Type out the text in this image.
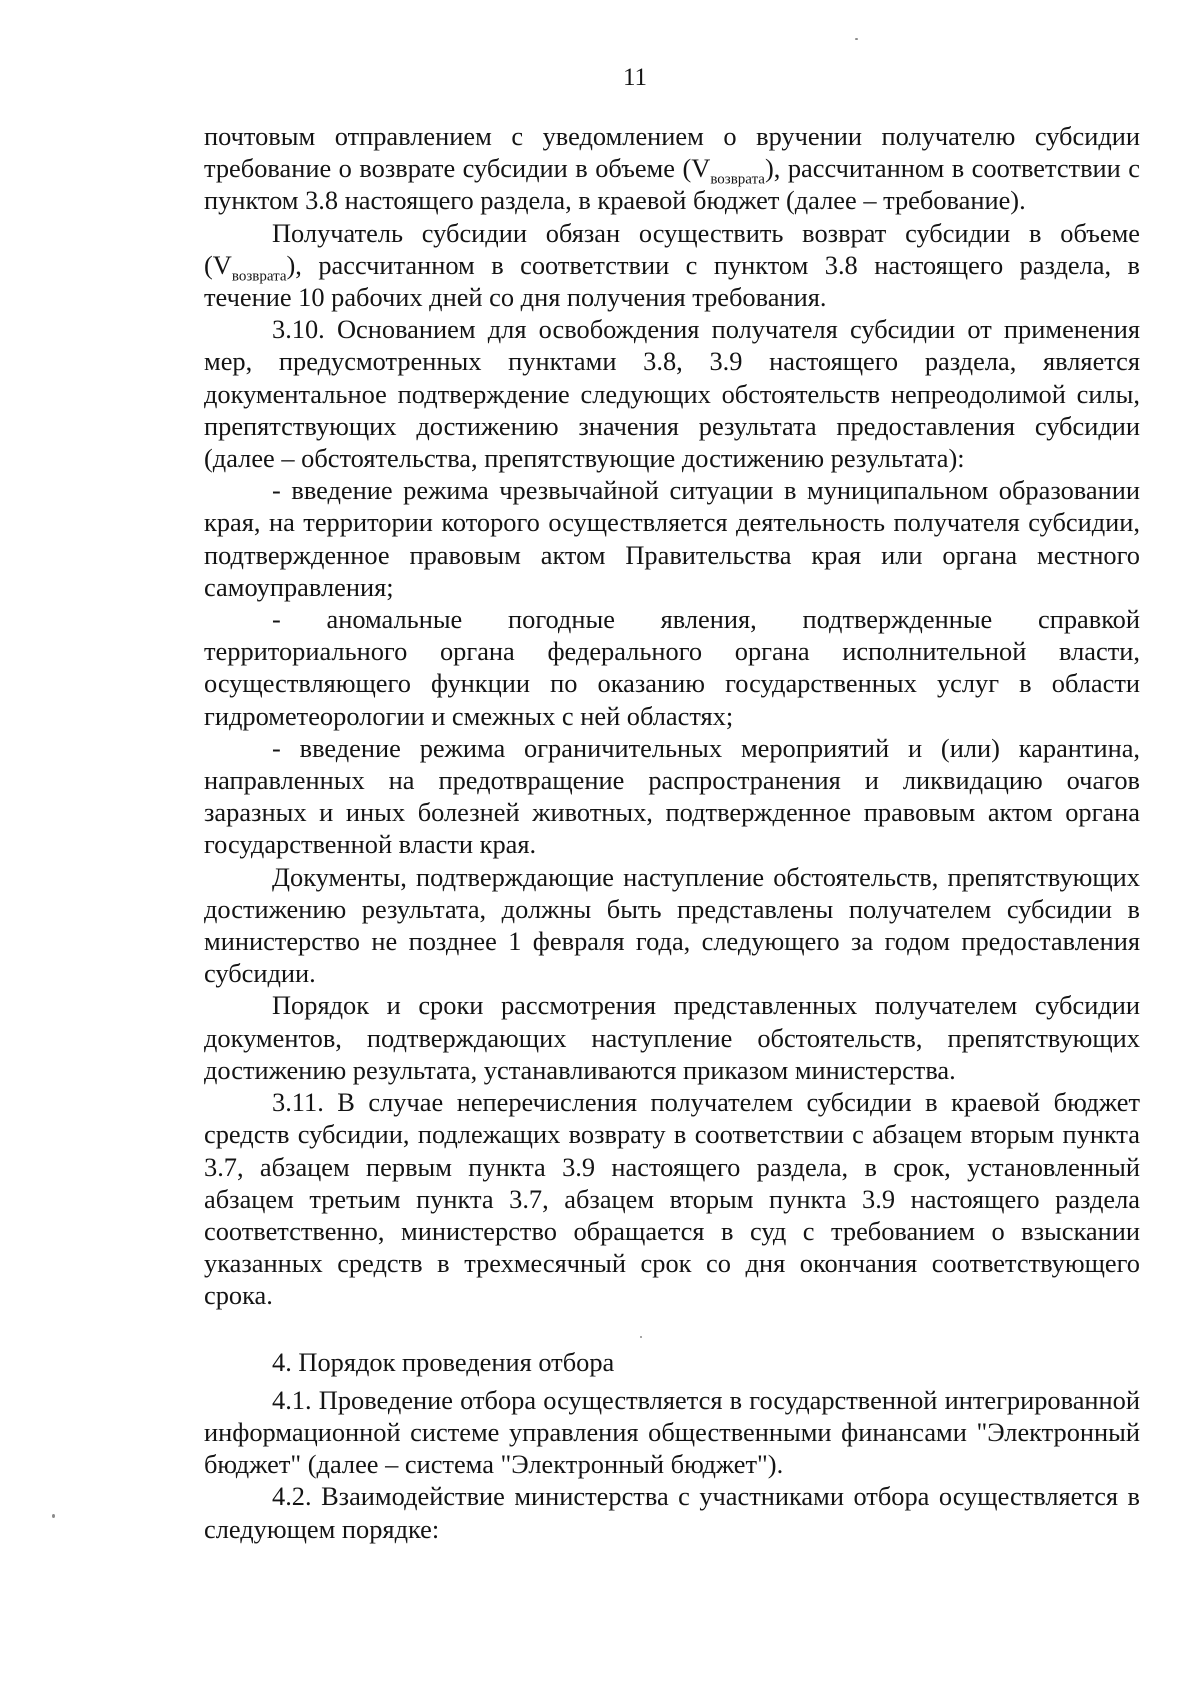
11

почтовым отправлением с уведомлением о вручении получателю субсидии требование о возврате субсидии в объеме $(V_{возврата})$, рассчитанном в соответствии с пунктом 3.8 настоящего раздела, в краевой бюджет (далее – требование).

Получатель субсидии обязан осуществить возврат субсидии в объеме $(V_{возврата})$, рассчитанном в соответствии с пунктом 3.8 настоящего раздела, в течение 10 рабочих дней со дня получения требования.

3.10. Основанием для освобождения получателя субсидии от применения мер, предусмотренных пунктами 3.8, 3.9 настоящего раздела, является документальное подтверждение следующих обстоятельств непреодолимой силы, препятствующих достижению значения результата предоставления субсидии (далее – обстоятельства, препятствующие достижению результата):

- введение режима чрезвычайной ситуации в муниципальном образовании края, на территории которого осуществляется деятельность получателя субсидии, подтвержденное правовым актом Правительства края или органа местного самоуправления;

- аномальные погодные явления, подтвержденные справкой территориального органа федерального органа исполнительной власти, осуществляющего функции по оказанию государственных услуг в области гидрометеорологии и смежных с ней областях;

- введение режима ограничительных мероприятий и (или) карантина, направленных на предотвращение распространения и ликвидацию очагов заразных и иных болезней животных, подтвержденное правовым актом органа государственной власти края.

Документы, подтверждающие наступление обстоятельств, препятствующих достижению результата, должны быть представлены получателем субсидии в министерство не позднее 1 февраля года, следующего за годом предоставления субсидии.

Порядок и сроки рассмотрения представленных получателем субсидии документов, подтверждающих наступление обстоятельств, препятствующих достижению результата, устанавливаются приказом министерства.

3.11. В случае неперечисления получателем субсидии в краевой бюджет средств субсидии, подлежащих возврату в соответствии с абзацем вторым пункта 3.7, абзацем первым пункта 3.9 настоящего раздела, в срок, установленный абзацем третьим пункта 3.7, абзацем вторым пункта 3.9 настоящего раздела соответственно, министерство обращается в суд с требованием о взыскании указанных средств в трехмесячный срок со дня окончания соответствующего срока.

4. Порядок проведения отбора

4.1. Проведение отбора осуществляется в государственной интегрированной информационной системе управления общественными финансами "Электронный бюджет" (далее – система "Электронный бюджет").

4.2. Взаимодействие министерства с участниками отбора осуществляется в следующем порядке:
